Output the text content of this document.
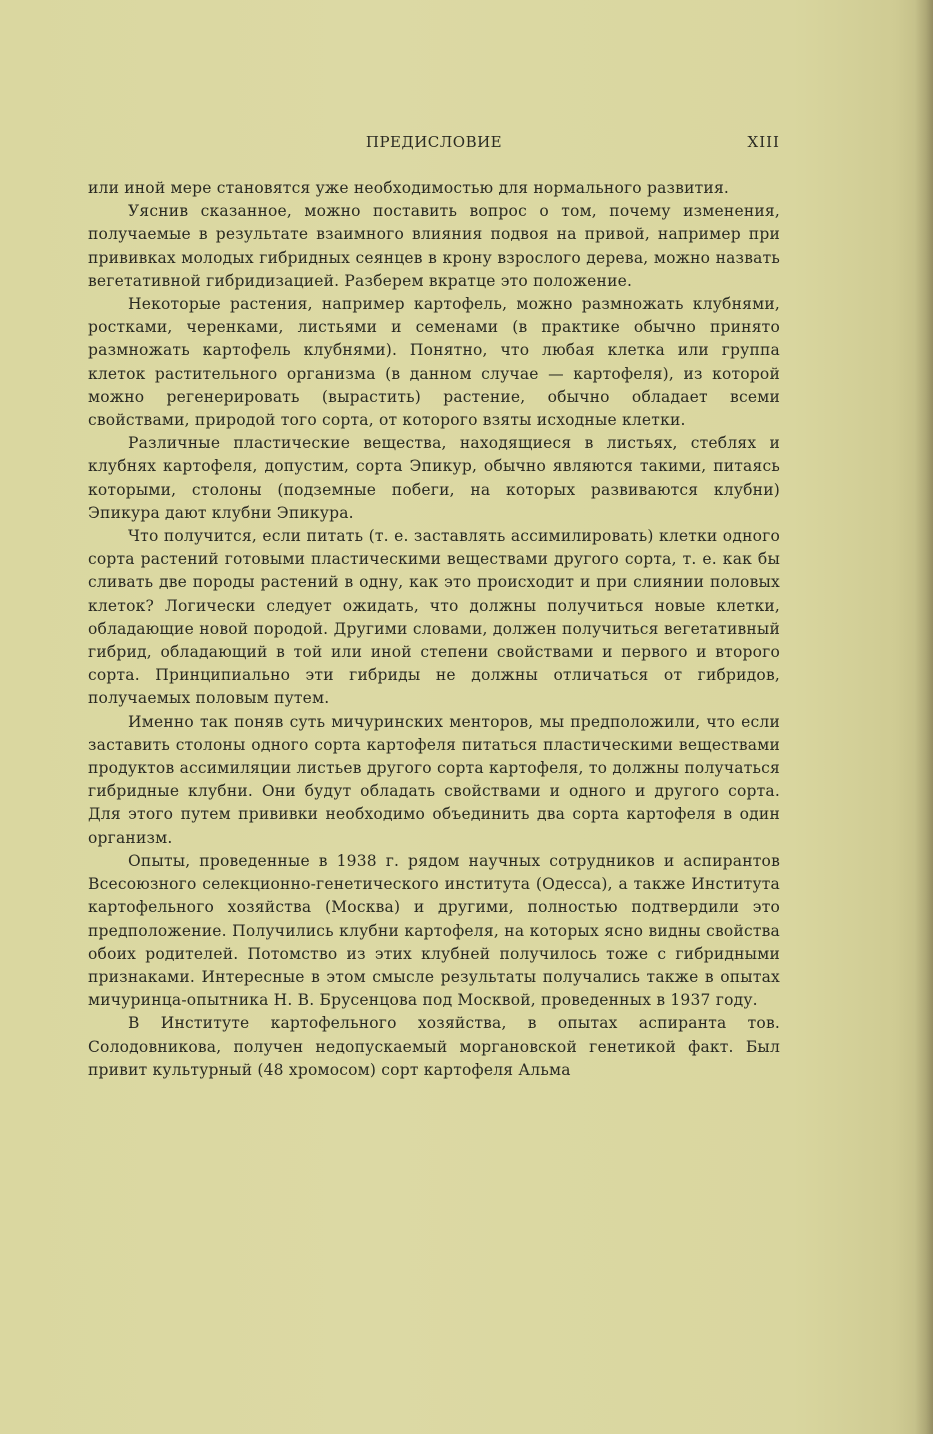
ПРЕДИСЛОВИЕ	XIII

или иной мере становятся уже необходимостью для нормального развития.

Уяснив сказанное, можно поставить вопрос о том, почему изменения, получаемые в результате взаимного влияния подвоя на привой, например при прививках молодых гибридных сеянцев в крону взрослого дерева, можно назвать вегетативной гибридизацией. Разберем вкратце это положение.

Некоторые растения, например картофель, можно размножать клубнями, ростками, черенками, листьями и семенами (в практике обычно принято размножать картофель клубнями). Понятно, что любая клетка или группа клеток растительного организма (в данном случае — картофеля), из которой можно регенерировать (вырастить) растение, обычно обладает всеми свойствами, природой того сорта, от которого взяты исходные клетки.

Различные пластические вещества, находящиеся в листьях, стеблях и клубнях картофеля, допустим, сорта Эпикур, обычно являются такими, питаясь которыми, столоны (подземные побеги, на которых развиваются клубни) Эпикура дают клубни Эпикура.

Что получится, если питать (т. е. заставлять ассимилировать) клетки одного сорта растений готовыми пластическими веществами другого сорта, т. е. как бы сливать две породы растений в одну, как это происходит и при слиянии половых клеток? Логически следует ожидать, что должны получиться новые клетки, обладающие новой породой. Другими словами, должен получиться вегетативный гибрид, обладающий в той или иной степени свойствами и первого и второго сорта. Принципиально эти гибриды не должны отличаться от гибридов, получаемых половым путем.

Именно так поняв суть мичуринских менторов, мы предположили, что если заставить столоны одного сорта картофеля питаться пластическими веществами продуктов ассимиляции листьев другого сорта картофеля, то должны получаться гибридные клубни. Они будут обладать свойствами и одного и другого сорта. Для этого путем прививки необходимо объединить два сорта картофеля в один организм.

Опыты, проведенные в 1938 г. рядом научных сотрудников и аспирантов Всесоюзного селекционно-генетического института (Одесса), а также Института картофельного хозяйства (Москва) и другими, полностью подтвердили это предположение. Получились клубни картофеля, на которых ясно видны свойства обоих родителей. Потомство из этих клубней получилось тоже с гибридными признаками. Интересные в этом смысле результаты получались также в опытах мичуринца-опытника Н. В. Брусенцова под Москвой, проведенных в 1937 году.

В Институте картофельного хозяйства, в опытах аспиранта тов. Солодовникова, получен недопускаемый моргановской генетикой факт. Был привит культурный (48 хромосом) сорт картофеля Альма
